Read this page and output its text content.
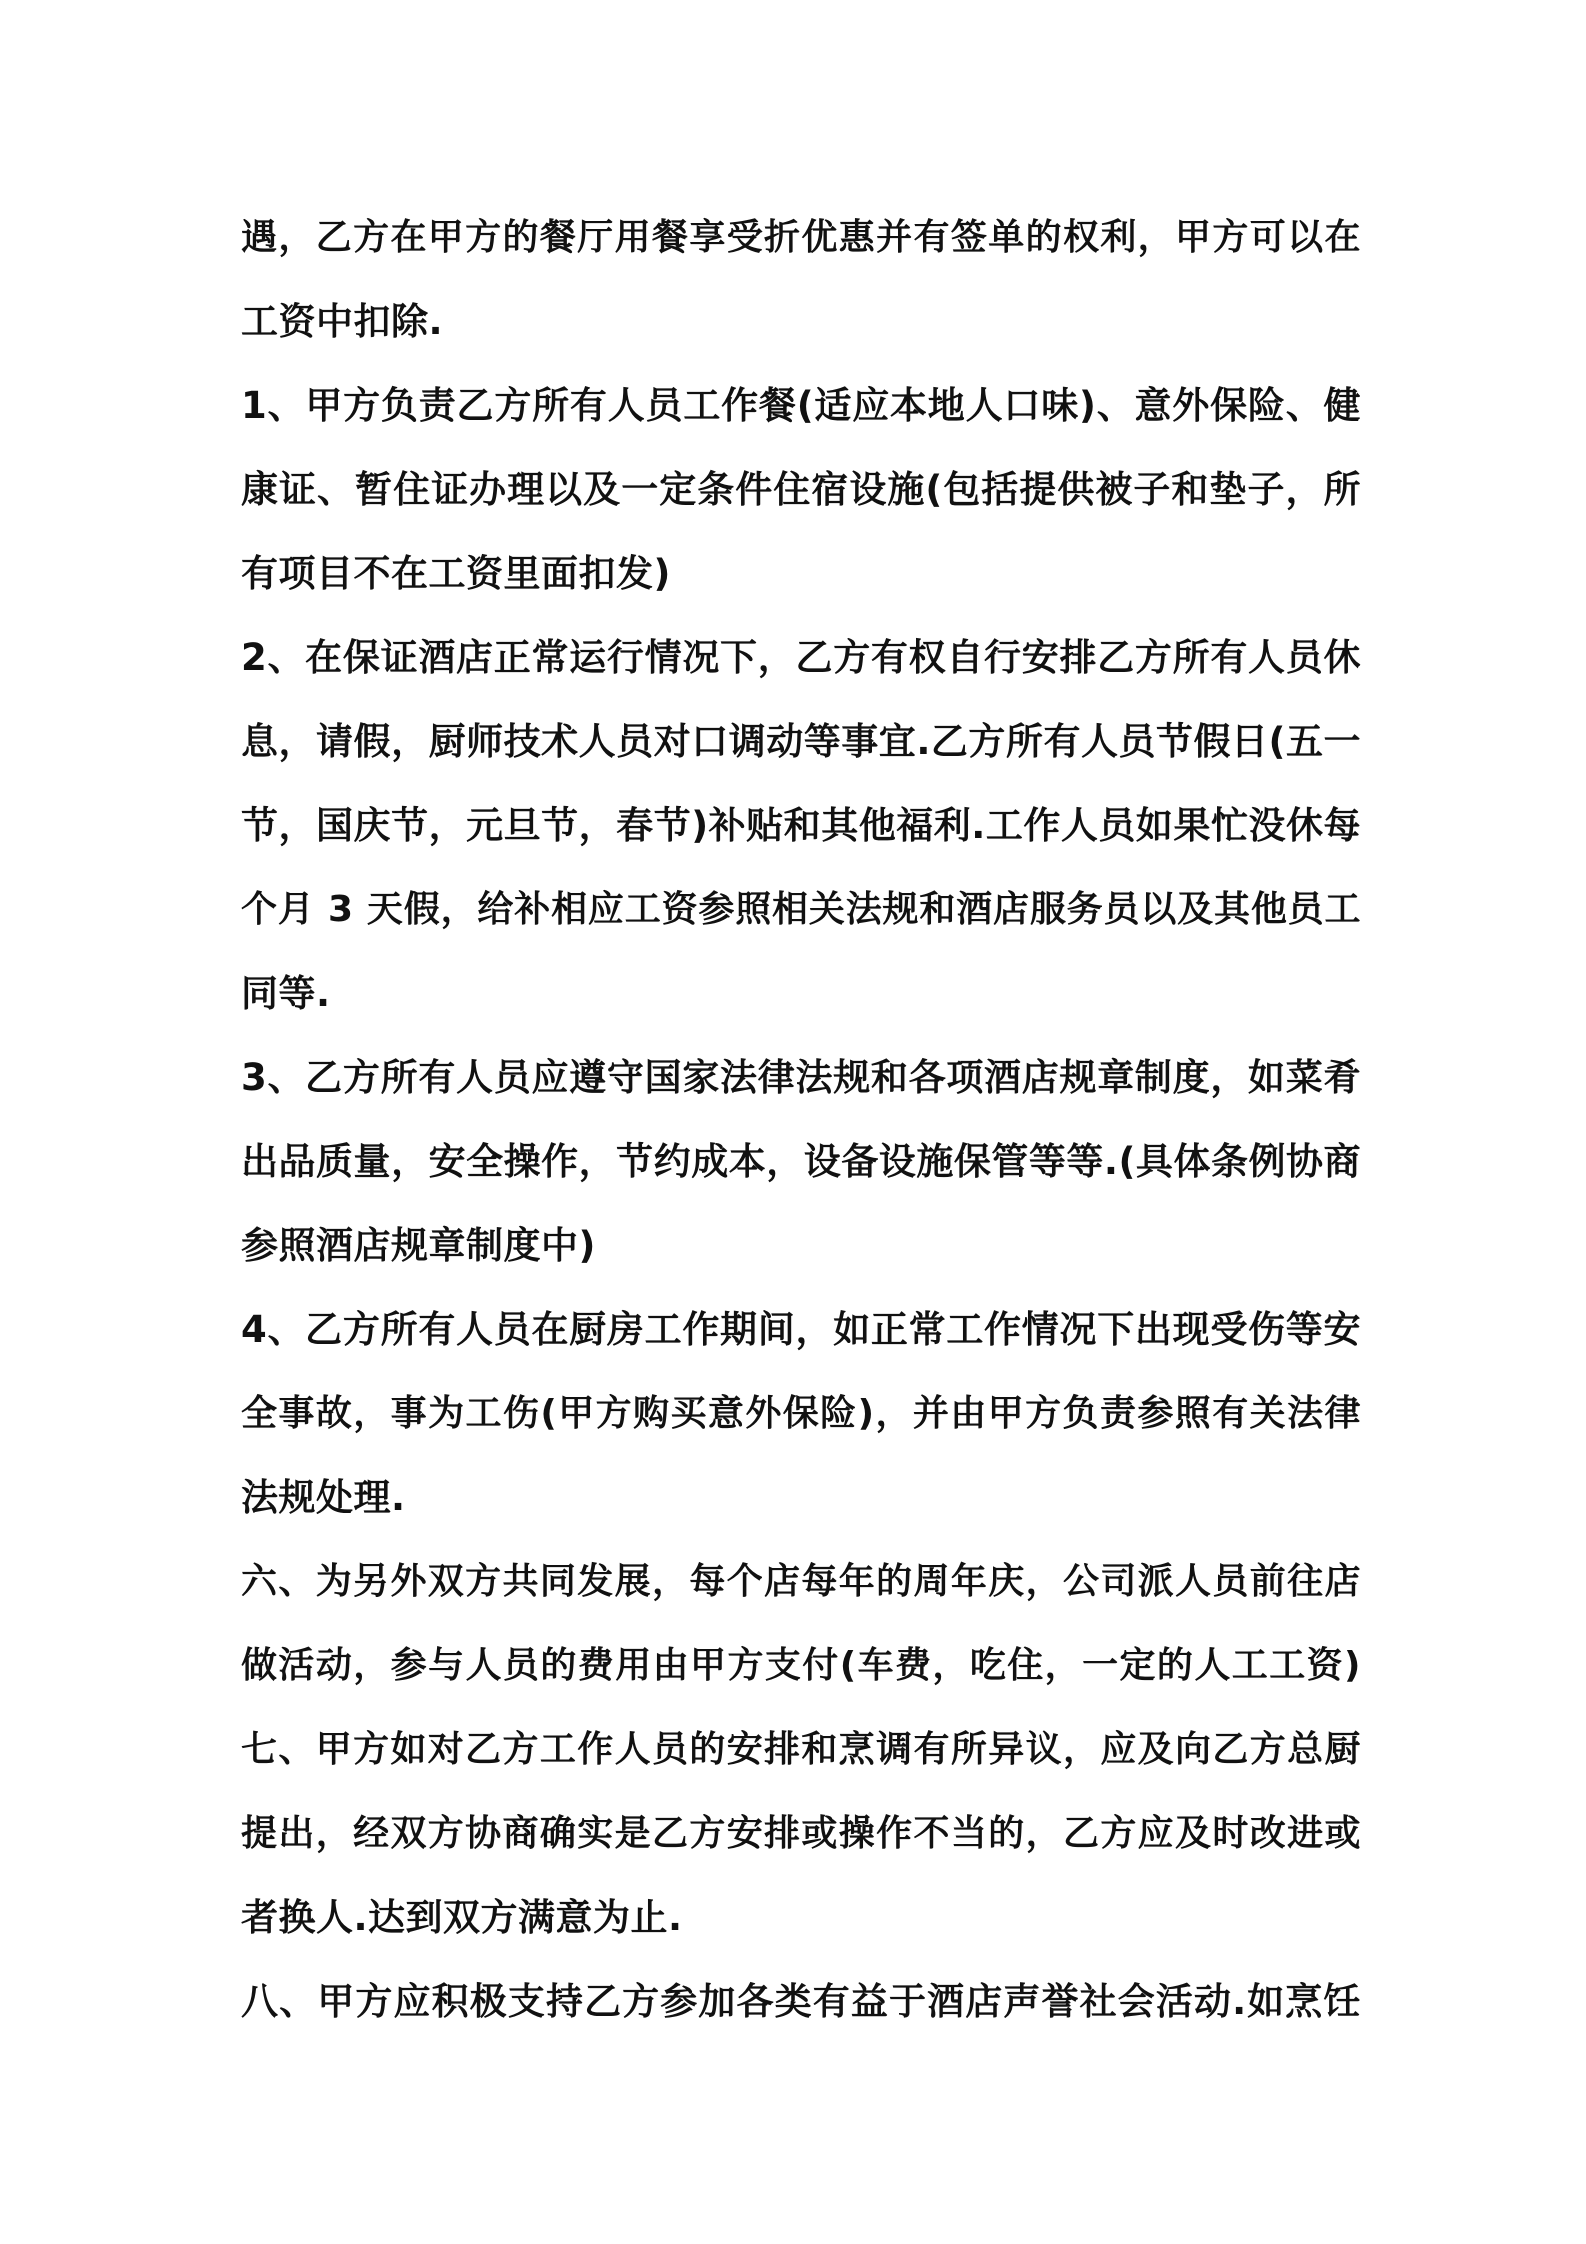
遇，乙方在甲方的餐厅用餐享受折优惠并有签单的权利，甲方可以在
工资中扣除.
1、甲方负责乙方所有人员工作餐(适应本地人口味)、意外保险、健
康证、暂住证办理以及一定条件住宿设施(包括提供被子和垫子，所
有项目不在工资里面扣发)
2、在保证酒店正常运行情况下，乙方有权自行安排乙方所有人员休
息，请假，厨师技术人员对口调动等事宜.乙方所有人员节假日(五一
节，国庆节，元旦节，春节)补贴和其他福利.工作人员如果忙没休每
个月 3 天假，给补相应工资参照相关法规和酒店服务员以及其他员工
同等.
3、乙方所有人员应遵守国家法律法规和各项酒店规章制度，如菜肴
出品质量，安全操作，节约成本，设备设施保管等等.(具体条例协商
参照酒店规章制度中)
4、乙方所有人员在厨房工作期间，如正常工作情况下出现受伤等安
全事故，事为工伤(甲方购买意外保险)，并由甲方负责参照有关法律
法规处理.
六、为另外双方共同发展，每个店每年的周年庆，公司派人员前往店
做活动，参与人员的费用由甲方支付(车费，吃住，一定的人工工资)
七、甲方如对乙方工作人员的安排和烹调有所异议，应及向乙方总厨
提出，经双方协商确实是乙方安排或操作不当的，乙方应及时改进或
者换人.达到双方满意为止.
八、甲方应积极支持乙方参加各类有益于酒店声誉社会活动.如烹饪
